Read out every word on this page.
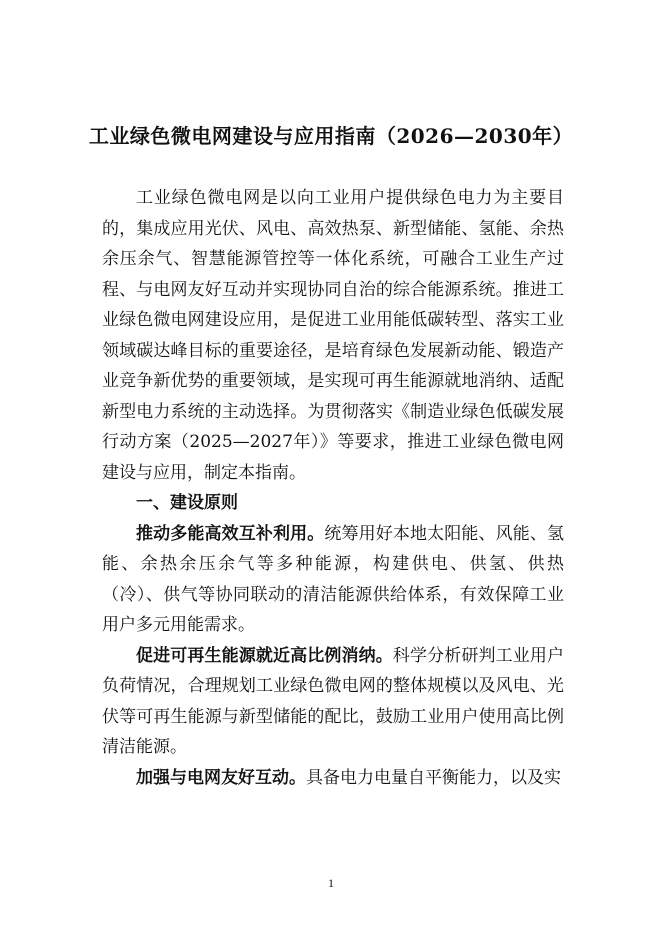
工业绿色微电网建设与应用指南（2026—2030年）

工业绿色微电网是以向工业用户提供绿色电力为主要目的，集成应用光伏、风电、高效热泵、新型储能、氢能、余热余压余气、智慧能源管控等一体化系统，可融合工业生产过程、与电网友好互动并实现协同自治的综合能源系统。推进工业绿色微电网建设应用，是促进工业用能低碳转型、落实工业领域碳达峰目标的重要途径，是培育绿色发展新动能、锻造产业竞争新优势的重要领域，是实现可再生能源就地消纳、适配新型电力系统的主动选择。为贯彻落实《制造业绿色低碳发展行动方案（2025—2027年）》等要求，推进工业绿色微电网建设与应用，制定本指南。

一、建设原则

推动多能高效互补利用。统筹用好本地太阳能、风能、氢能、余热余压余气等多种能源，构建供电、供氢、供热（冷）、供气等协同联动的清洁能源供给体系，有效保障工业用户多元用能需求。

促进可再生能源就近高比例消纳。科学分析研判工业用户负荷情况，合理规划工业绿色微电网的整体规模以及风电、光伏等可再生能源与新型储能的配比，鼓励工业用户使用高比例清洁能源。

加强与电网友好互动。具备电力电量自平衡能力，以及实

1
